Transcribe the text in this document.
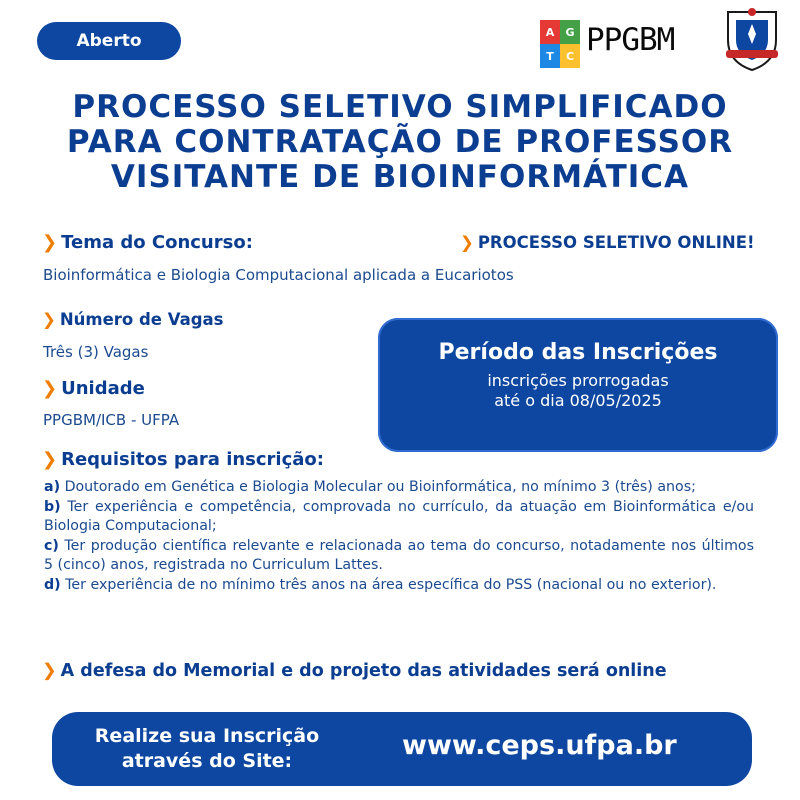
Aberto	A	G
T	C PPGBM
PROCESSO SELETIVO SIMPLIFICADO
PARA CONTRATAÇÃO DE PROFESSOR
VISITANTE DE BIOINFORMÁTICA
❯ Tema do Concurso:	❯ PROCESSO SELETIVO ONLINE!
Bioinformática e Biologia Computacional aplicada a Eucariotos
❯ Número de Vagas
Três (3) Vagas
❯ Unidade
PPGBM/ICB - UFPA
Período das Inscrições
inscrições prorrogadas
até o dia 08/05/2025
❯ Requisitos para inscrição:
a) Doutorado em Genética e Biologia Molecular ou Bioinformática, no mínimo 3 (três) anos;
b) Ter experiência e competência, comprovada no currículo, da atuação em Bioinformática e/ou Biologia Computacional;
c) Ter produção científica relevante e relacionada ao tema do concurso, notadamente nos últimos 5 (cinco) anos, registrada no Curriculum Lattes.
d) Ter experiência de no mínimo três anos na área específica do PSS (nacional ou no exterior).
❯ A defesa do Memorial e do projeto das atividades será online
Realize sua Inscrição
através do Site:	www.ceps.ufpa.br
